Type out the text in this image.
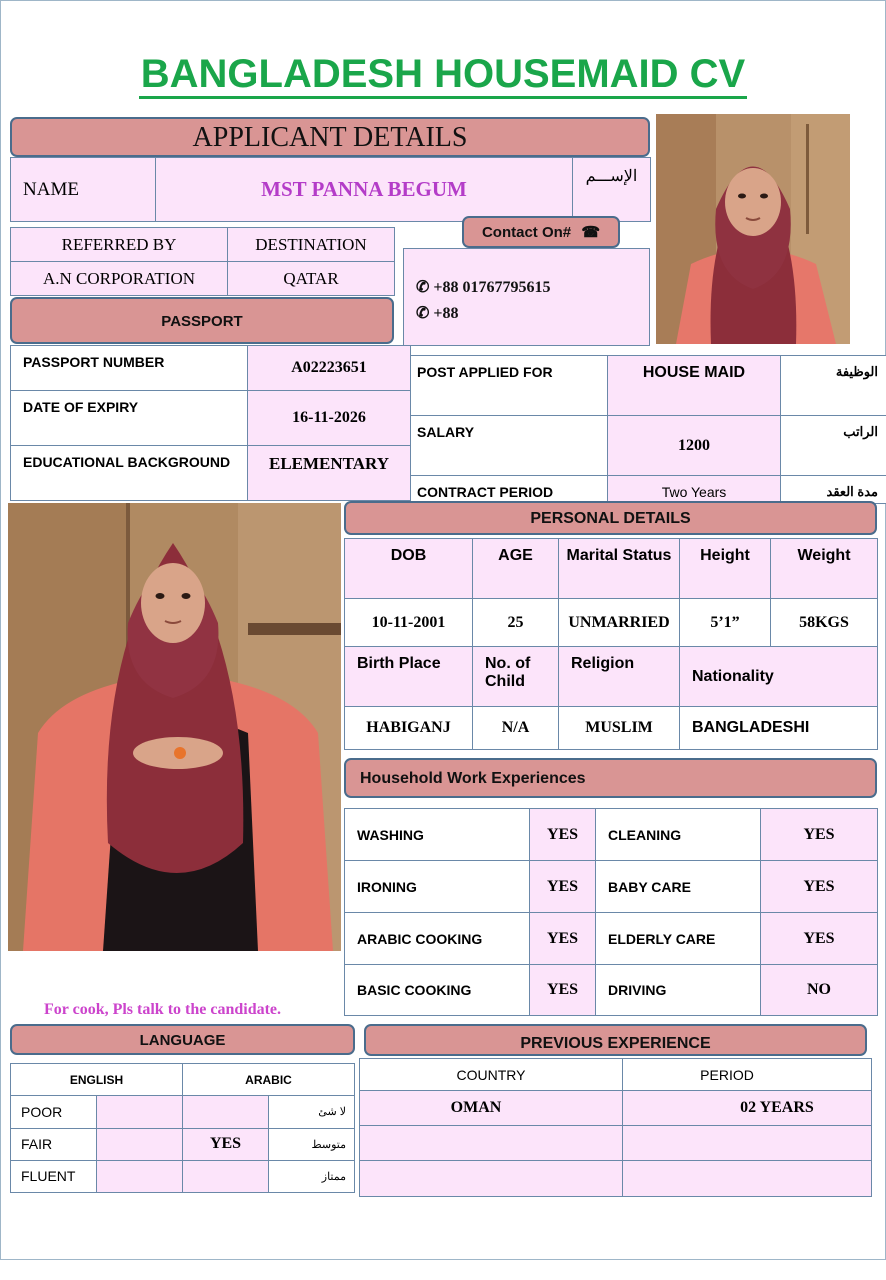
BANGLADESH HOUSEMAID CV
APPLICANT DETAILS
NAME	MST PANNA BEGUM	الإســـم
REFERRED BY	DESTINATION
A.N CORPORATION	QATAR
Contact On# ☎
✆ +88 01767795615
✆ +88
PASSPORT
PASSPORT NUMBER	A02223651
DATE OF EXPIRY	16-11-2026
EDUCATIONAL BACKGROUND	ELEMENTARY
POST APPLIED FOR	HOUSE MAID	الوظيفة
SALARY	1200	الراتب
CONTRACT PERIOD	Two Years	مدة العقد
PERSONAL DETAILS
DOB	AGE	Marital Status	Height	Weight
10-11-2001	25	UNMARRIED	5’1”	58KGS
Birth Place	No. of Child	Religion	Nationality	
HABIGANJ	N/A	MUSLIM	BANGLADESHI	
Household Work Experiences
WASHING	YES	CLEANING	YES
IRONING	YES	BABY CARE	YES
ARABIC COOKING	YES	ELDERLY CARE	YES
BASIC COOKING	YES	DRIVING	NO
For cook, Pls talk to the candidate.
LANGUAGE
ENGLISH		ARABIC	
POOR			لا شئ
FAIR		YES	متوسط
FLUENT			ممتاز
PREVIOUS EXPERIENCE
COUNTRY	PERIOD
OMAN	02 YEARS
